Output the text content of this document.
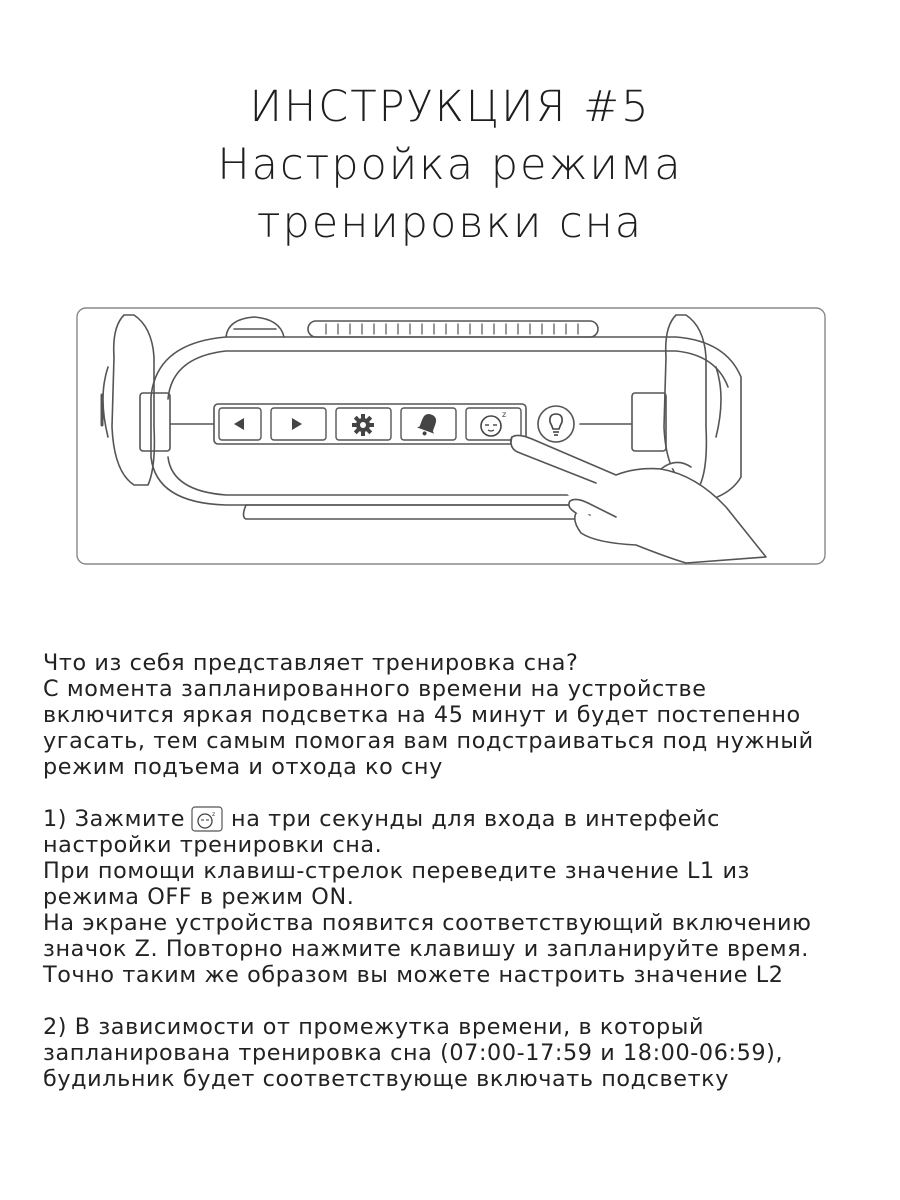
ИНСТРУКЦИЯ #5
Настройка режима
тренировки сна
z

Что из себя представляет тренировка сна?

С момента запланированного времени на устройстве

включится яркая подсветка на 45 минут и будет постепенно

угасать, тем самым помогая вам подстраиваться под нужный

режим подъема и отхода ко сну

1) Зажмите	z на три секунды для входа в интерфейс

настройки тренировки сна.

При помощи клавиш-стрелок переведите значение L1 из

режима OFF в режим ON.

На экране устройства появится соответствующий включению

значок Z. Повторно нажмите клавишу и запланируйте время.

Точно таким же образом вы можете настроить значение L2

2) В зависимости от промежутка времени, в который

запланирована тренировка сна (07:00-17:59 и 18:00-06:59),

будильник будет соответствующе включать подсветку
